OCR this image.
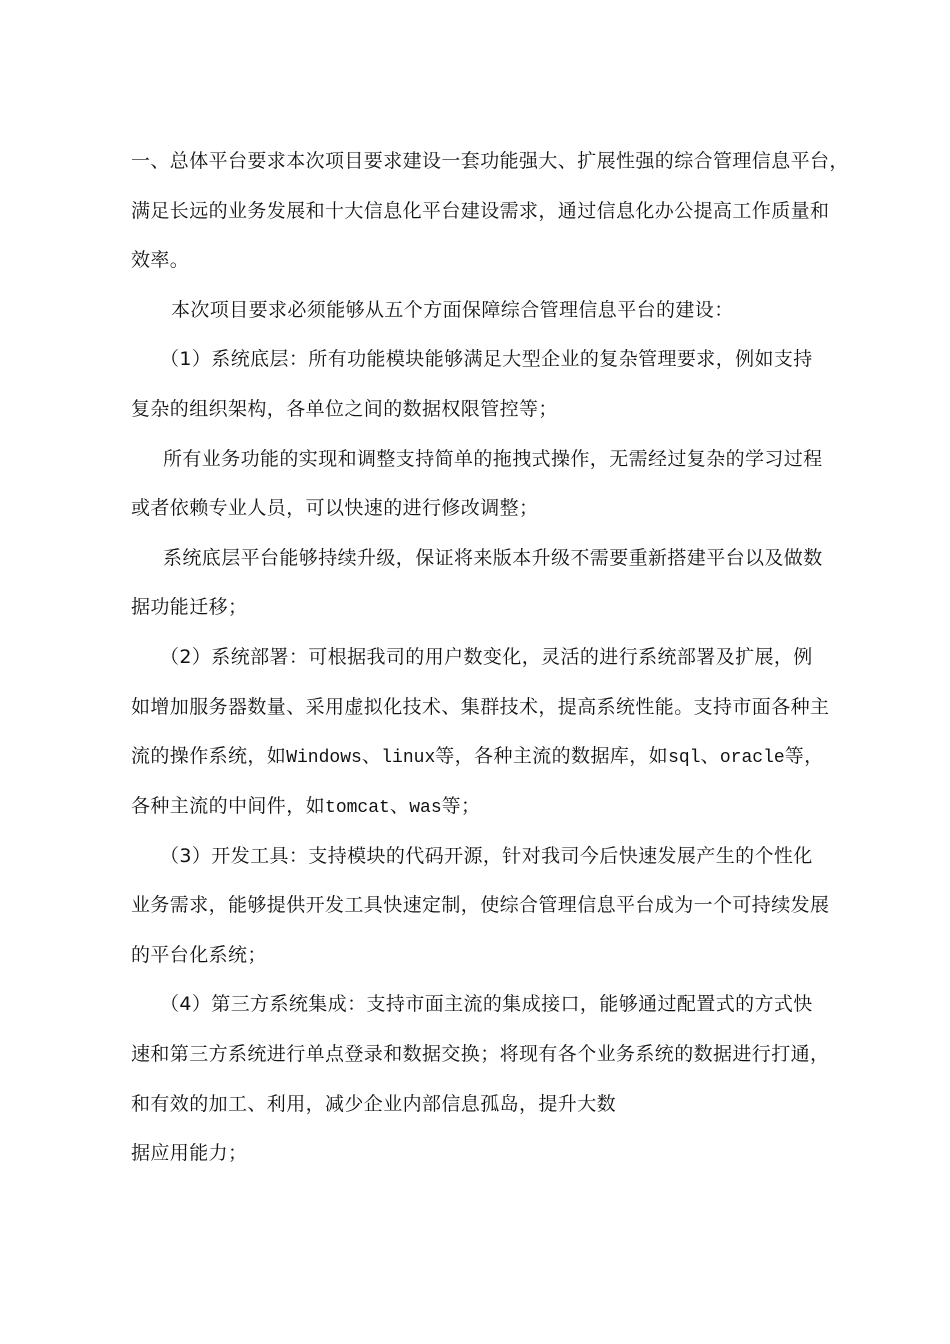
一、总体平台要求本次项目要求建设一套功能强大、扩展性强的综合管理信息平台，
满足长远的业务发展和十大信息化平台建设需求，通过信息化办公提高工作质量和
效率。
本次项目要求必须能够从五个方面保障综合管理信息平台的建设：
（1）系统底层：所有功能模块能够满足大型企业的复杂管理要求，例如支持
复杂的组织架构，各单位之间的数据权限管控等；
所有业务功能的实现和调整支持简单的拖拽式操作，无需经过复杂的学习过程
或者依赖专业人员，可以快速的进行修改调整；
系统底层平台能够持续升级，保证将来版本升级不需要重新搭建平台以及做数
据功能迁移；
（2）系统部署：可根据我司的用户数变化，灵活的进行系统部署及扩展，例
如增加服务器数量、采用虚拟化技术、集群技术，提高系统性能。支持市面各种主
流的操作系统，如Windows、linux等，各种主流的数据库，如sql、oracle等，
各种主流的中间件，如tomcat、was等；
（3）开发工具：支持模块的代码开源，针对我司今后快速发展产生的个性化
业务需求，能够提供开发工具快速定制，使综合管理信息平台成为一个可持续发展
的平台化系统；
（4）第三方系统集成：支持市面主流的集成接口，能够通过配置式的方式快
速和第三方系统进行单点登录和数据交换；将现有各个业务系统的数据进行打通，
和有效的加工、利用，减少企业内部信息孤岛，提升大数
据应用能力；
